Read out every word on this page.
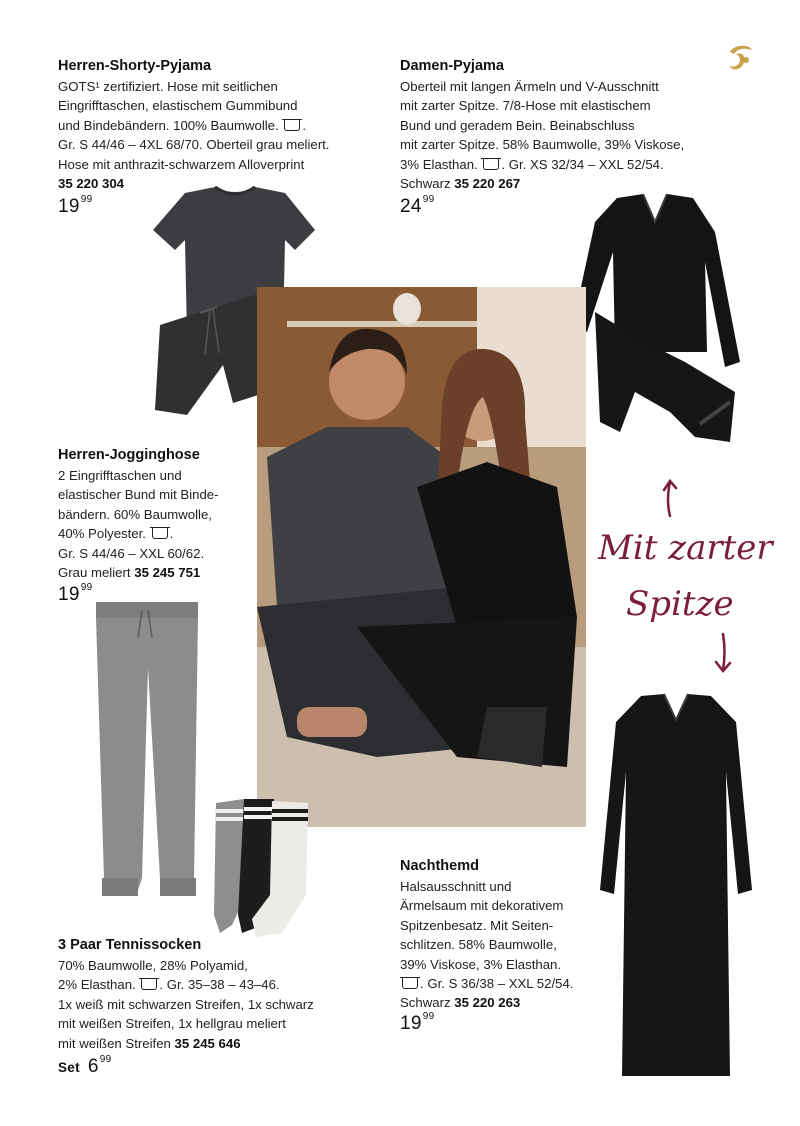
Herren-Shorty-Pyjama
GOTS¹ zertifiziert. Hose mit seitlichen
Eingrifftaschen, elastischem Gummibund
und Bindebändern. 100% Baumwolle. .
Gr. S 44/46 – 4XL 68/70. Oberteil grau meliert.
Hose mit anthrazit-schwarzem Alloverprint
35 220 304
$19^{99}$
Damen-Pyjama
Oberteil mit langen Ärmeln und V-Ausschnitt
mit zarter Spitze. 7/8-Hose mit elastischem
Bund und geradem Bein. Beinabschluss
mit zarter Spitze. 58% Baumwolle, 39% Viskose,
3% Elasthan. . Gr. XS 32/34 – XXL 52/54.
Schwarz 35 220 267
$24^{99}$
Herren-Jogginghose
2 Eingrifftaschen und
elastischer Bund mit Binde-
bändern. 60% Baumwolle,
40% Polyester. .
Gr. S 44/46 – XXL 60/62.
Grau meliert 35 245 751
$19^{99}$
3 Paar Tennissocken
70% Baumwolle, 28% Polyamid,
2% Elasthan. . Gr. 35–38 – 43–46.
1x weiß mit schwarzen Streifen, 1x schwarz
mit weißen Streifen, 1x hellgrau meliert
mit weißen Streifen 35 245 646
Set $6^{99}$
Mit zarter
Spitze
Nachthemd
Halsausschnitt und
Ärmelsaum mit dekorativem
Spitzenbesatz. Mit Seiten-
schlitzen. 58% Baumwolle,
39% Viskose, 3% Elasthan.
. Gr. S 36/38 – XXL 52/54.
Schwarz 35 220 263
$19^{99}$
